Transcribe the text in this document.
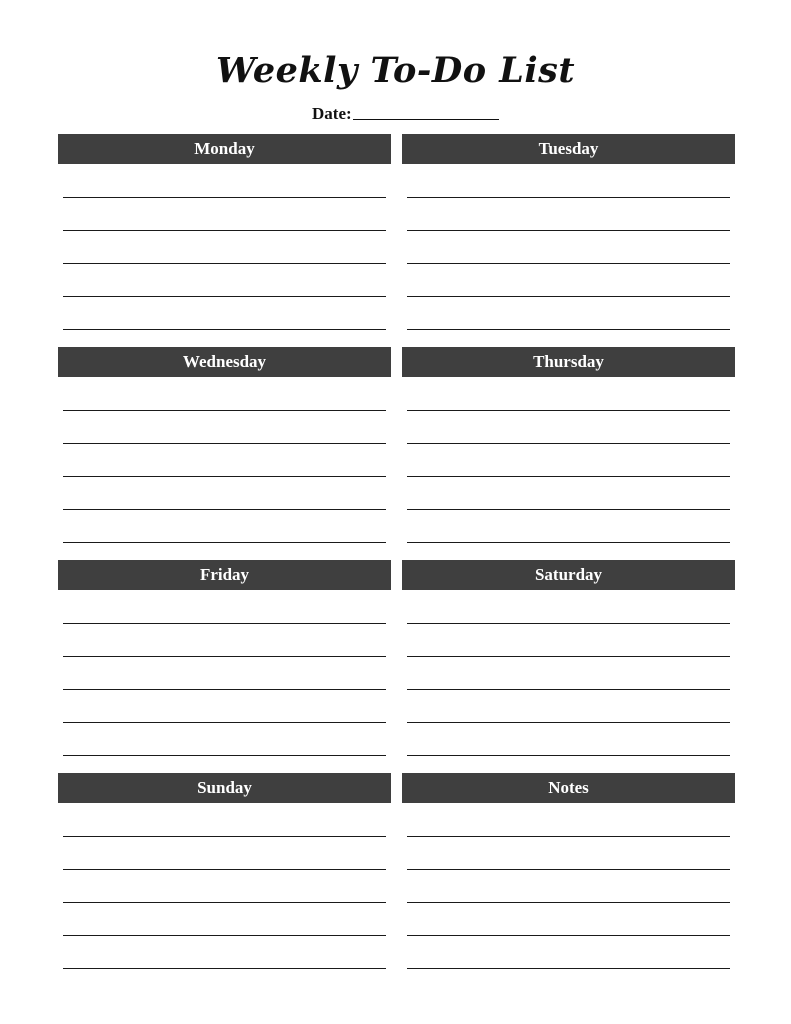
Weekly To-Do List
Date:
Monday	Tuesday
Wednesday	Thursday
Friday	Saturday
Sunday	Notes
